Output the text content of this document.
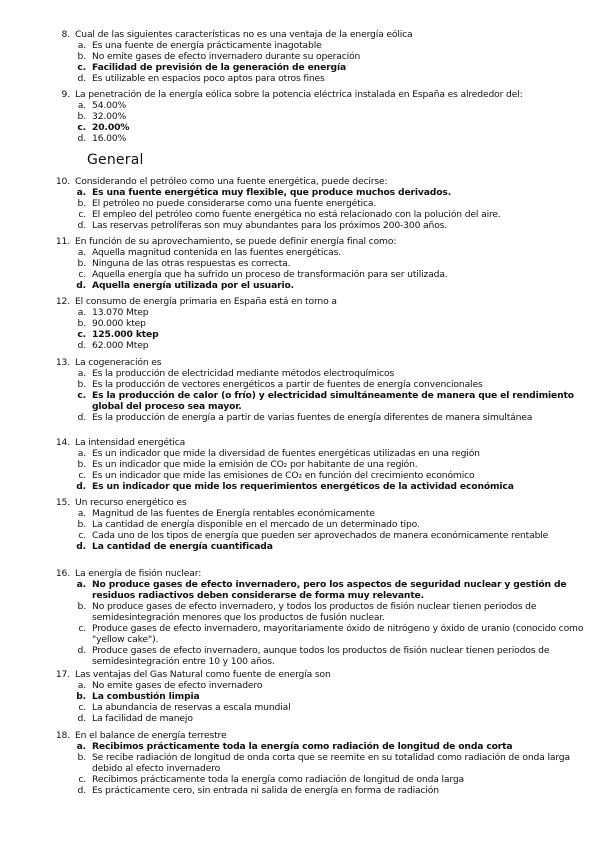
General
8. Cual de las siguientes características no es una ventaja de la energía eólica
a. Es una fuente de energía prácticamente inagotable
b. No emite gases de efecto invernadero durante su operación
c. Facilidad de previsión de la generación de energía
d. Es utilizable en espacios poco aptos para otros fines
9. La penetración de la energía eólica sobre la potencia eléctrica instalada en España es alrededor del:
a. 54.00%
b. 32.00%
c. 20.00%
d. 16.00%
10. Considerando el petróleo como una fuente energética, puede decirse:
a. Es una fuente energética muy flexible, que produce muchos derivados.
b. El petróleo no puede considerarse como una fuente energética.
c. El empleo del petróleo como fuente energética no está relacionado con la polución del aire.
d. Las reservas petrolíferas son muy abundantes para los próximos 200-300 años.
11. En función de su aprovechamiento, se puede definir energía final como:
a. Aquella magnitud contenida en las fuentes energéticas.
b. Ninguna de las otras respuestas es correcta.
c. Aquella energía que ha sufrido un proceso de transformación para ser utilizada.
d. Aquella energía utilizada por el usuario.
12. El consumo de energía primaria en España está en torno a
a. 13.070 Mtep
b. 90.000 ktep
c. 125.000 ktep
d. 62.000 Mtep
13. La cogeneración es
a. Es la producción de electricidad mediante métodos electroquímicos
b. Es la producción de vectores energéticos a partir de fuentes de energía convencionales
c. Es la producción de calor (o frío) y electricidad simultáneamente de manera que el rendimiento global del proceso sea mayor.
d. Es la producción de energía a partir de varias fuentes de energía diferentes de manera simultánea
14. La intensidad energética
a. Es un indicador que mide la diversidad de fuentes energéticas utilizadas en una región
b. Es un indicador que mide la emisión de CO₂ por habitante de una región.
c. Es un indicador que mide las emisiones de CO₂ en función del crecimiento económico
d. Es un indicador que mide los requerimientos energéticos de la actividad económica
15. Un recurso energético es
a. Magnitud de las fuentes de Energía rentables económicamente
b. La cantidad de energía disponible en el mercado de un determinado tipo.
c. Cada uno de los tipos de energía que pueden ser aprovechados de manera económicamente rentable
d. La cantidad de energía cuantificada
16. La energía de fisión nuclear:
a. No produce gases de efecto invernadero, pero los aspectos de seguridad nuclear y gestión de residuos radiactivos deben considerarse de forma muy relevante.
b. No produce gases de efecto invernadero, y todos los productos de fisión nuclear tienen periodos de semidesintegración menores que los productos de fusión nuclear.
c. Produce gases de efecto invernadero, mayoritariamente óxido de nitrógeno y óxido de uranio (conocido como "yellow cake").
d. Produce gases de efecto invernadero, aunque todos los productos de fisión nuclear tienen periodos de semidesintegración entre 10 y 100 años.
17. Las ventajas del Gas Natural como fuente de energía son
a. No emite gases de efecto invernadero
b. La combustión limpia
c. La abundancia de reservas a escala mundial
d. La facilidad de manejo
18. En el balance de energía terrestre
a. Recibimos prácticamente toda la energía como radiación de longitud de onda corta
b. Se recibe radiación de longitud de onda corta que se reemite en su totalidad como radiación de onda larga debido al efecto invernadero
c. Recibimos prácticamente toda la energía como radiación de longitud de onda larga
d. Es prácticamente cero, sin entrada ni salida de energía en forma de radiación
